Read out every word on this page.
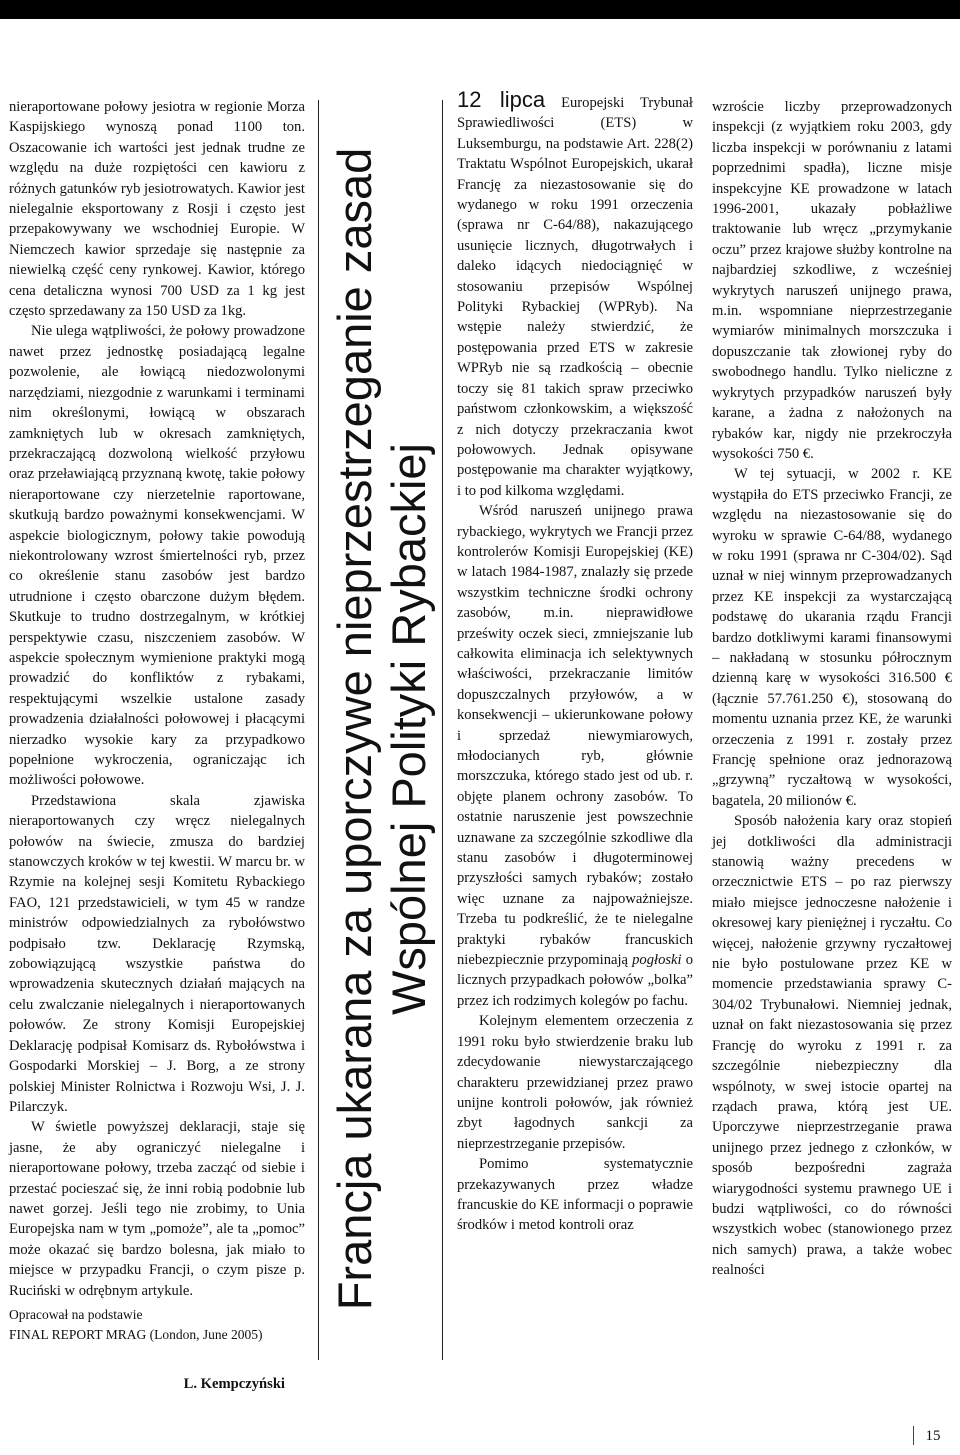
nieraportowane połowy jesiotra w regionie Morza Kaspijskiego wynoszą ponad 1100 ton. Oszacowanie ich wartości jest jednak trudne ze względu na duże rozpiętości cen kawioru z różnych gatunków ryb jesiotrowatych. Kawior jest nielegalnie eksportowany z Rosji i często jest przepakowywany we wschodniej Europie. W Niemczech kawior sprzedaje się następnie za niewielką część ceny rynkowej. Kawior, którego cena detaliczna wynosi 700 USD za 1 kg jest często sprzedawany za 150 USD za 1kg.

Nie ulega wątpliwości, że połowy prowadzone nawet przez jednostkę posiadającą legalne pozwolenie, ale łowiącą niedozwolonymi narzędziami, niezgodnie z warunkami i terminami nim określonymi, łowiącą w obszarach zamkniętych lub w okresach zamkniętych, przekraczającą dozwoloną wielkość przyłowu oraz przeławiającą przyznaną kwotę, takie połowy nieraportowane czy nierzetelnie raportowane, skutkują bardzo poważnymi konsekwencjami. W aspekcie biologicznym, połowy takie powodują niekontrolowany wzrost śmiertelności ryb, przez co określenie stanu zasobów jest bardzo utrudnione i często obarczone dużym błędem. Skutkuje to trudno dostrzegalnym, w krótkiej perspektywie czasu, niszczeniem zasobów. W aspekcie społecznym wymienione praktyki mogą prowadzić do konfliktów z rybakami, respektującymi wszelkie ustalone zasady prowadzenia działalności połowowej i płacącymi nierzadko wysokie kary za przypadkowo popełnione wykroczenia, ograniczając ich możliwości połowowe.

Przedstawiona skala zjawiska nieraportowanych czy wręcz nielegalnych połowów na świecie, zmusza do bardziej stanowczych kroków w tej kwestii. W marcu br. w Rzymie na kolejnej sesji Komitetu Rybackiego FAO, 121 przedstawicieli, w tym 45 w randze ministrów odpowiedzialnych za rybołówstwo podpisało tzw. Deklarację Rzymską, zobowiązującą wszystkie państwa do wprowadzenia skutecznych działań mających na celu zwalczanie nielegalnych i nieraportowanych połowów. Ze strony Komisji Europejskiej Deklarację podpisał Komisarz ds. Rybołówstwa i Gospodarki Morskiej – J. Borg, a ze strony polskiej Minister Rolnictwa i Rozwoju Wsi, J. J. Pilarczyk.

W świetle powyższej deklaracji, staje się jasne, że aby ograniczyć nielegalne i nieraportowane połowy, trzeba zacząć od siebie i przestać pocieszać się, że inni robią podobnie lub nawet gorzej. Jeśli tego nie zrobimy, to Unia Europejska nam w tym „pomoże”, ale ta „pomoc” może okazać się bardzo bolesna, jak miało to miejsce w przypadku Francji, o czym pisze p. Ruciński w odrębnym artykule.

Opracował na podstawie

FINAL REPORT MRAG (London, June 2005)

L. Kempczyński

Francja ukarana za uporczywe nieprzestrzeganie zasad Wspólnej Polityki Rybackiej

12 lipca Europejski Trybunał Sprawiedliwości (ETS) w Luksemburgu, na podstawie Art. 228(2) Traktatu Wspólnot Europejskich, ukarał Francję za niezastosowanie się do wydanego w roku 1991 orzeczenia (sprawa nr C-64/88), nakazującego usunięcie licznych, długotrwałych i daleko idących niedociągnięć w stosowaniu przepisów Wspólnej Polityki Rybackiej (WPRyb). Na wstępie należy stwierdzić, że postępowania przed ETS w zakresie WPRyb nie są rzadkością – obecnie toczy się 81 takich spraw przeciwko państwom członkowskim, a większość z nich dotyczy przekraczania kwot połowowych. Jednak opisywane postępowanie ma charakter wyjątkowy, i to pod kilkoma względami.

Wśród naruszeń unijnego prawa rybackiego, wykrytych we Francji przez kontrolerów Komisji Europejskiej (KE) w latach 1984-1987, znalazły się przede wszystkim techniczne środki ochrony zasobów, m.in. nieprawidłowe prześwity oczek sieci, zmniejszanie lub całkowita eliminacja ich selektywnych właściwości, przekraczanie limitów dopuszczalnych przyłowów, a w konsekwencji – ukierunkowane połowy i sprzedaż niewymiarowych, młodocianych ryb, głównie morszczuka, którego stado jest od ub. r. objęte planem ochrony zasobów. To ostatnie naruszenie jest powszechnie uznawane za szczególnie szkodliwe dla stanu zasobów i długoterminowej przyszłości samych rybaków; zostało więc uznane za najpoważniejsze. Trzeba tu podkreślić, że te nielegalne praktyki rybaków francuskich niebezpiecznie przypominają pogłoski o licznych przypadkach połowów „bolka” przez ich rodzimych kolegów po fachu.

Kolejnym elementem orzeczenia z 1991 roku było stwierdzenie braku lub zdecydowanie niewystarczającego charakteru przewidzianej przez prawo unijne kontroli połowów, jak również zbyt łagodnych sankcji za nieprzestrzeganie przepisów.

Pomimo systematycznie przekazywanych przez władze francuskie do KE informacji o poprawie środków i metod kontroli oraz

wzroście liczby przeprowadzonych inspekcji (z wyjątkiem roku 2003, gdy liczba inspekcji w porównaniu z latami poprzednimi spadła), liczne misje inspekcyjne KE prowadzone w latach 1996-2001, ukazały pobłażliwe traktowanie lub wręcz „przymykanie oczu” przez krajowe służby kontrolne na najbardziej szkodliwe, z wcześniej wykrytych naruszeń unijnego prawa, m.in. wspomniane nieprzestrzeganie wymiarów minimalnych morszczuka i dopuszczanie tak złowionej ryby do swobodnego handlu. Tylko nieliczne z wykrytych przypadków naruszeń były karane, a żadna z nałożonych na rybaków kar, nigdy nie przekroczyła wysokości 750 €.

W tej sytuacji, w 2002 r. KE wystąpiła do ETS przeciwko Francji, ze względu na niezastosowanie się do wyroku w sprawie C-64/88, wydanego w roku 1991 (sprawa nr C-304/02). Sąd uznał w niej winnym przeprowadzanych przez KE inspekcji za wystarczającą podstawę do ukarania rządu Francji bardzo dotkliwymi karami finansowymi – nakładaną w stosunku półrocznym dzienną karę w wysokości 316.500 € (łącznie 57.761.250 €), stosowaną do momentu uznania przez KE, że warunki orzeczenia z 1991 r. zostały przez Francję spełnione oraz jednorazową „grzywną” ryczałtową w wysokości, bagatela, 20 milionów €.

Sposób nałożenia kary oraz stopień jej dotkliwości dla administracji stanowią ważny precedens w orzecznictwie ETS – po raz pierwszy miało miejsce jednoczesne nałożenie i okresowej kary pieniężnej i ryczałtu. Co więcej, nałożenie grzywny ryczałtowej nie było postulowane przez KE w momencie przedstawiania sprawy C-304/02 Trybunałowi. Niemniej jednak, uznał on fakt niezastosowania się przez Francję do wyroku z 1991 r. za szczególnie niebezpieczny dla wspólnoty, w swej istocie opartej na rządach prawa, którą jest UE. Uporczywe nieprzestrzeganie prawa unijnego przez jednego z członków, w sposób bezpośredni zagraża wiarygodności systemu prawnego UE i budzi wątpliwości, co do równości wszystkich wobec (stanowionego przez nich samych) prawa, a także wobec realności

15
